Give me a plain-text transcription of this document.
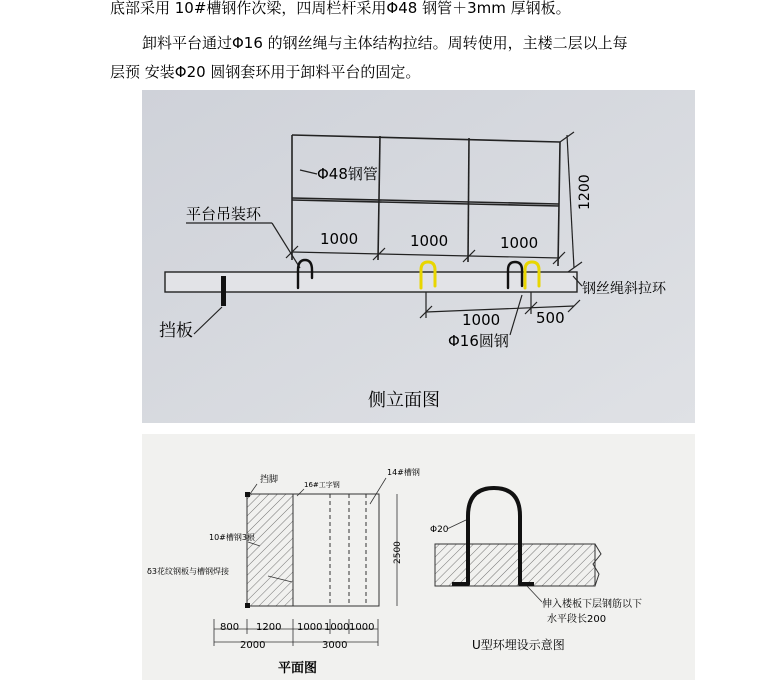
底部采用 10#槽钢作次梁，四周栏杆采用Φ48 钢管＋3mm 厚钢板。
卸料平台通过Φ16 的钢丝绳与主体结构拉结。周转使用，主楼二层以上每
层预 安装Φ20 圆钢套环用于卸料平台的固定。
1200
Φ48钢管
平台吊装环
1000	1000	1000
挡板
钢丝绳斜拉环
1000 500
Φ16圆钢
侧立面图
挡脚	16#工字钢
14#槽钢
10#槽钢3根
δ3花纹钢板与槽钢焊接
2500
800 1200 1000 1000 1000
2000	3000
平面图
Φ20
伸入楼板下层钢筋以下
水平段长200
U型环埋设示意图
